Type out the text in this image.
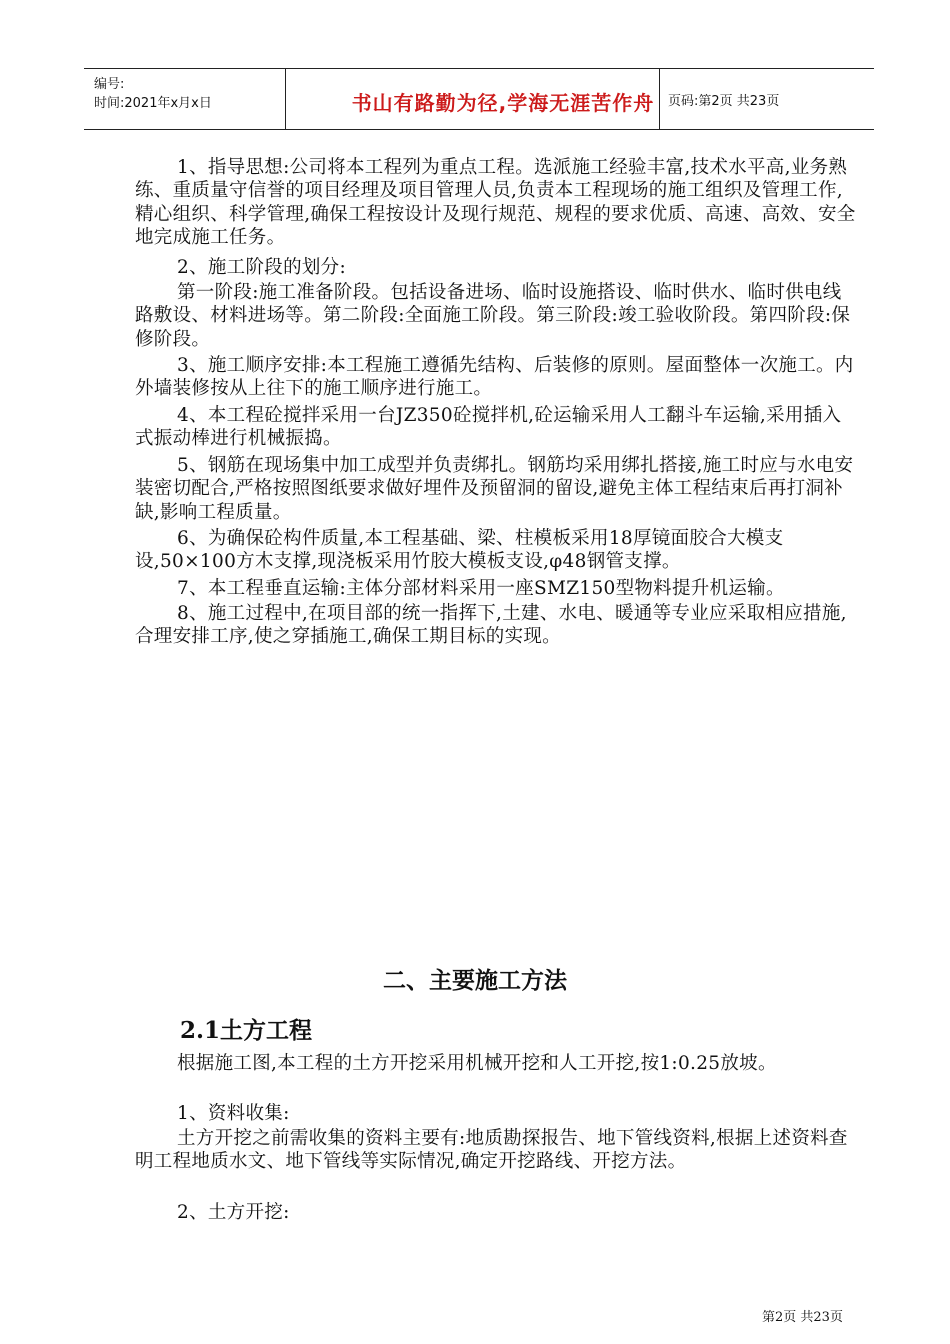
编号:
时间:2021年x月x日	书山有路勤为径,学海无涯苦作舟	页码:第2页 共23页

1、指导思想:公司将本工程列为重点工程。选派施工经验丰富,技术水平高,业务熟练、重质量守信誉的项目经理及项目管理人员,负责本工程现场的施工组织及管理工作,精心组织、科学管理,确保工程按设计及现行规范、规程的要求优质、高速、高效、安全地完成施工任务。

2、施工阶段的划分:

第一阶段:施工准备阶段。包括设备进场、临时设施搭设、临时供水、临时供电线路敷设、材料进场等。第二阶段:全面施工阶段。第三阶段:竣工验收阶段。第四阶段:保修阶段。

3、施工顺序安排:本工程施工遵循先结构、后装修的原则。屋面整体一次施工。内外墙装修按从上往下的施工顺序进行施工。

4、本工程砼搅拌采用一台JZ350砼搅拌机,砼运输采用人工翻斗车运输,采用插入式振动棒进行机械振捣。

5、钢筋在现场集中加工成型并负责绑扎。钢筋均采用绑扎搭接,施工时应与水电安装密切配合,严格按照图纸要求做好埋件及预留洞的留设,避免主体工程结束后再打洞补缺,影响工程质量。

6、为确保砼构件质量,本工程基础、梁、柱模板采用18厚镜面胶合大模支设,50×100方木支撑,现浇板采用竹胶大模板支设,φ48钢管支撑。

7、本工程垂直运输:主体分部材料采用一座SMZ150型物料提升机运输。

8、施工过程中,在项目部的统一指挥下,土建、水电、暖通等专业应采取相应措施,合理安排工序,使之穿插施工,确保工期目标的实现。

二、主要施工方法
2.1土方工程

根据施工图,本工程的土方开挖采用机械开挖和人工开挖,按1:0.25放坡。

1、资料收集:

土方开挖之前需收集的资料主要有:地质勘探报告、地下管线资料,根据上述资料查明工程地质水文、地下管线等实际情况,确定开挖路线、开挖方法。

2、土方开挖:

第2页 共23页
